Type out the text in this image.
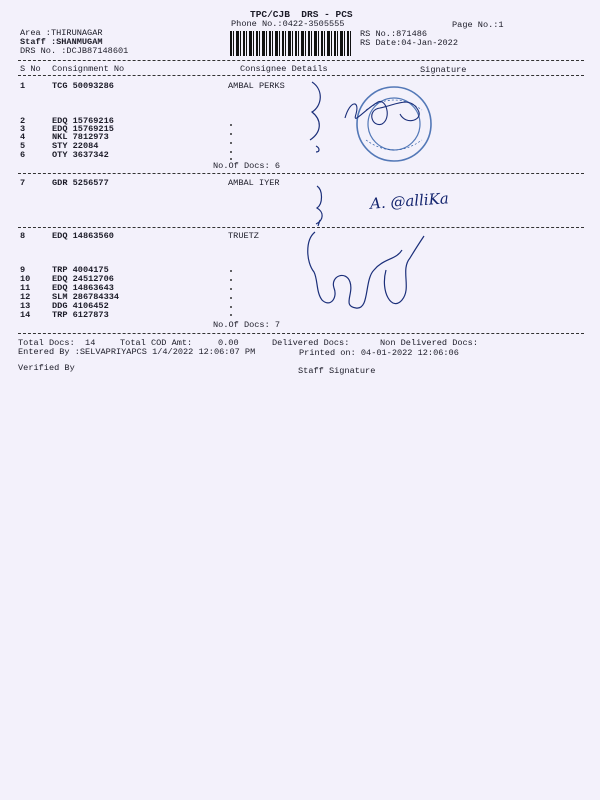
TPC/CJB  DRS - PCS
Phone No.:0422-3505555	Page No.:1
Area :THIRUNAGAR
Staff :SHANMUGAM
DRS No. :DCJB87148601
RS No.:871486
RS Date:04-Jan-2022
S No Consignment No	Consignee Details	Signature
1	TCG 50093286	AMBAL PERKS
2	EDQ 15769216
3	EDQ 15769215
4	NKL 7812973
5	STY 22084
6	OTY 3637342
No.Of Docs: 6
7	GDR 5256577	AMBAL IYER
8	EDQ 14863560	TRUETZ
9	TRP 4004175
10	EDQ 24512706
11	EDQ 14863643
12	SLM 286784334
13	DDG 4106452
14	TRP 6127873
No.Of Docs: 7
Total Docs:  14	Total COD Amt:     0.00	Delivered Docs:	Non Delivered Docs:
Entered By :SELVAPRIYAPCS 1/4/2022 12:06:07 PM	Printed on: 04-01-2022 12:06:06
Verified By	Staff Signature
A. @alliKa
